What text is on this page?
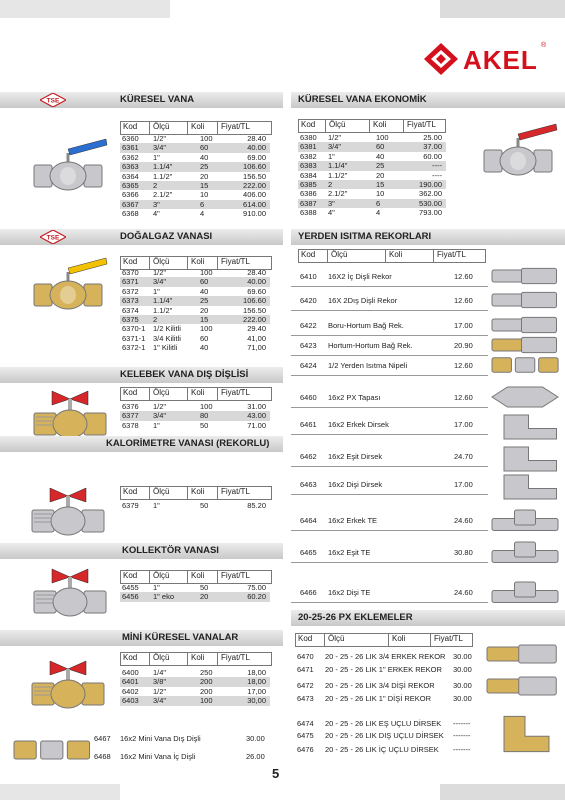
AKEL ®
5
KÜRESEL VANA
TSE
Kod Ölçü	Koli Fiyat/TL
6360 1/2"	100	28.40
6361 3/4"	60	40.00
6362 1"	40	69.00
6363 1.1/4"	25	106.60
6364 1.1/2"	20	156.50
6365 2	15	222.00
6366 2.1/2"	10	406.00
6367 3"	6	614.00
6368 4"	4	910.00
DOĞALGAZ VANASI
TSE
Kod Ölçü	Koli Fiyat/TL
6370 1/2"	100	28.40
6371 3/4"	60	40.00
6372 1"	40	69.60
6373 1.1/4"	25	106.60
6374 1.1/2"	20	156.50
6375 2	15	222.00
6370-1 1/2 Kilitli	100	29.40
6371-1 3/4 Kilitli	60	41,00
6372-1 1" Kilitli	40	71,00
KELEBEK VANA DIŞ DİŞLİSİ
Kod Ölçü	Koli Fiyat/TL
6376 1/2"	100	31.00
6377 3/4"	80	43.00
6378 1"	50	71.00
KALORİMETRE VANASI (REKORLU)
Kod Ölçü	Koli Fiyat/TL
6379 1"	50	85.20
KOLLEKTÖR VANASI
Kod Ölçü	Koli Fiyat/TL
6455 1"	50	75.00
6456 1" eko	20	60.20
MİNİ KÜRESEL VANALAR
Kod Ölçü	Koli Fiyat/TL
6400 1/4"	250	18,00
6401 3/8"	200	18,00
6402 1/2"	200	17,00
6403 3/4"	100	30,00
6467 16x2 Mini Vana Dış Dişli	30.00
6468 16x2 Mini Vana İç Dişli	26.00
KÜRESEL VANA EKONOMİK
Kod Ölçü	Koli	Fiyat/TL
6380 1/2"	100	25.00
6381 3/4"	60	37.00
6382 1"	40	60.00
6383 1.1/4"	25	----
6384 1.1/2"	20	----
6385 2	15	190.00
6386 2.1/2"	10	362.00
6387 3"	6	530.00
6388 4"	4	793.00
YERDEN ISITMA REKORLARI
Kod Ölçü	Koli	Fiyat/TL
6410 16X2 İç Dişli Rekor	12.60
6420 16X 2Dış Dişli Rekor	12.60
6422 Boru-Hortum Bağ Rek.	17.00
6423 Hortum-Hortum Bağ Rek.	20.90
6424 1/2 Yerden Isıtma Nipeli	12.60
6460 16x2 PX Tapası	12.60
6461 16x2 Erkek Dirsek	17.00
6462 16x2 Eşit Dirsek	24.70
6463 16x2 Dişi Dirsek	17.00
6464 16x2 Erkek TE	24.60
6465 16x2 Eşit TE	30.80
6466 16x2 Dişi TE	24.60
20-25-26 PX EKLEMELER
Kod Ölçü	Koli	Fiyat/TL
6470 20 - 25 - 26 LIK 3/4 ERKEK REKOR 30.00
6471 20 - 25 - 26 LIK 1" ERKEK REKOR 30.00
6472 20 - 25 - 26 LIK 3/4 DİŞİ REKOR 30.00
6473 20 - 25 - 26 LIK 1" DİŞİ REKOR	30.00
6474 20 - 25 - 26 LIK EŞ UÇLU DİRSEK -------
6475 20 - 25 - 26 LIK DIŞ UÇLU DİRSEK -------
6476 20 - 25 - 26 LIK İÇ UÇLU DİRSEK -------
